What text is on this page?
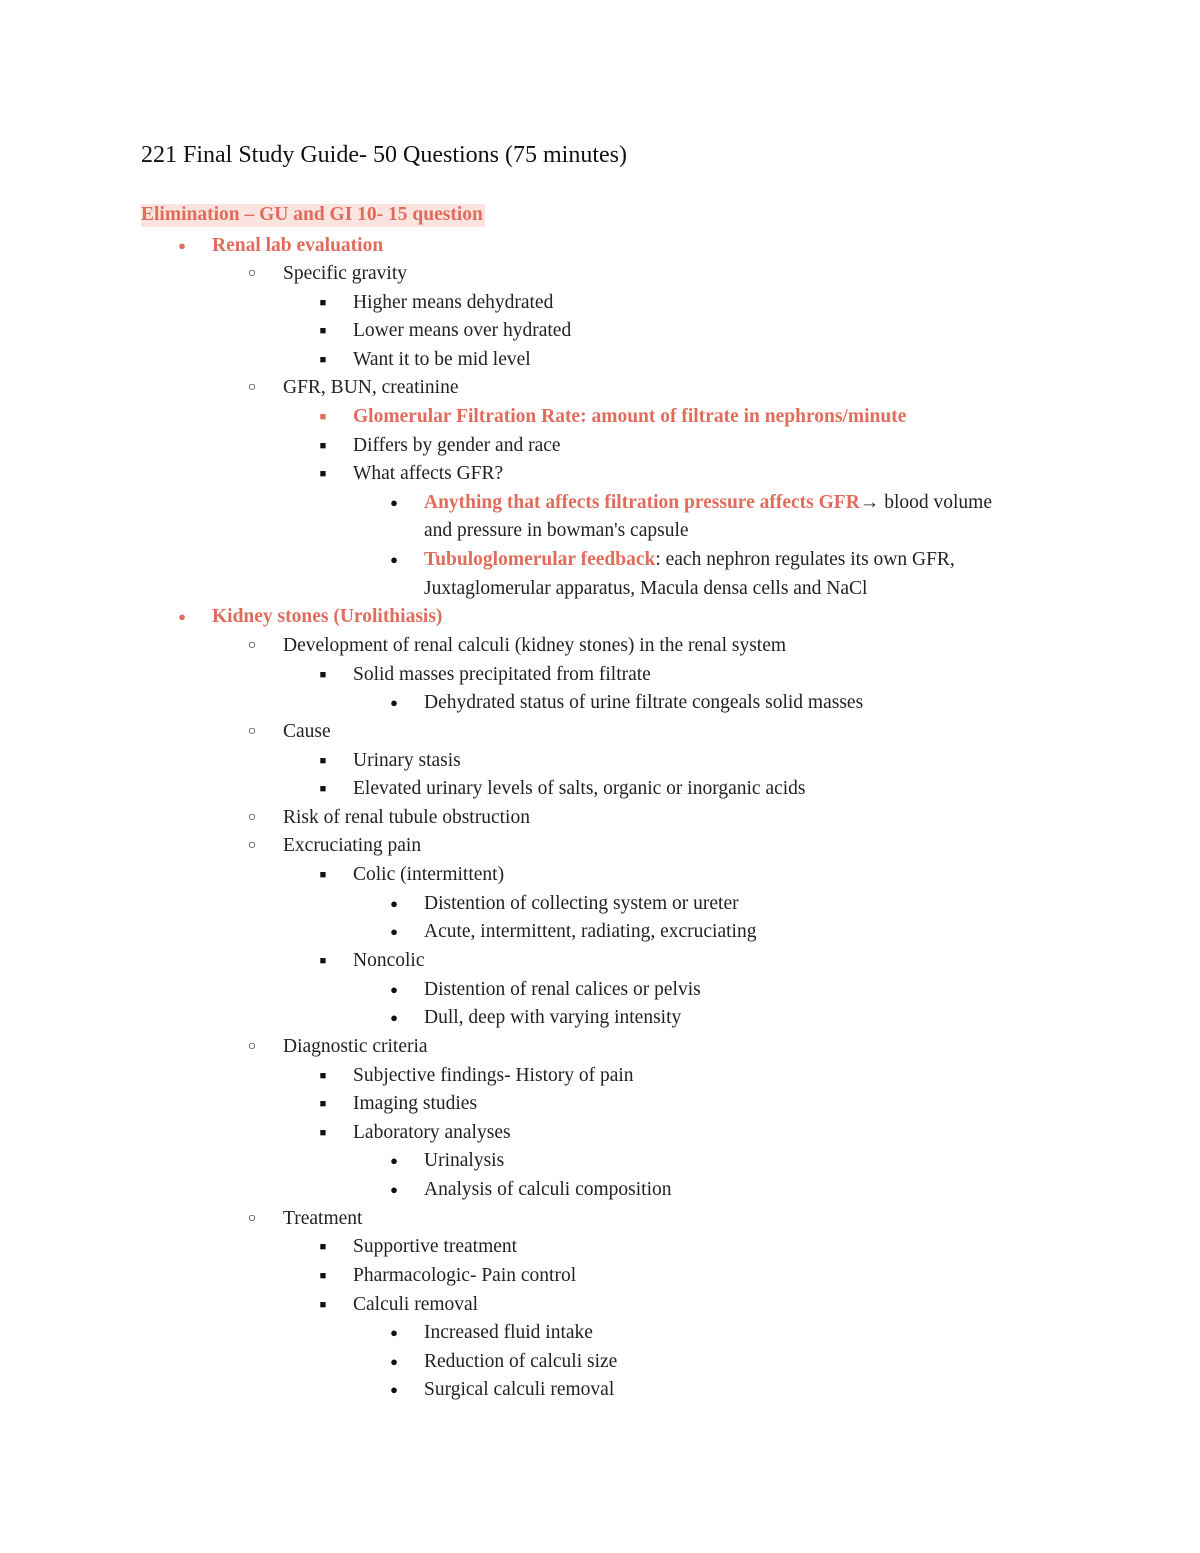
221 Final Study Guide- 50 Questions (75 minutes)
Elimination – GU and GI 10- 15 question
●	Renal lab evaluation
○ Specific gravity
■	Higher means dehydrated
■	Lower means over hydrated
■	Want it to be mid level
○ GFR, BUN, creatinine
■	Glomerular Filtration Rate: amount of filtrate in nephrons/minute
■	Differs by gender and race
■	What affects GFR?
●	Anything that affects filtration pressure affects GFR→ blood volume
and pressure in bowman's capsule
●	Tubuloglomerular feedback: each nephron regulates its own GFR,
Juxtaglomerular apparatus, Macula densa cells and NaCl
●	Kidney stones (Urolithiasis)
○ Development of renal calculi (kidney stones) in the renal system
■	Solid masses precipitated from filtrate
●	Dehydrated status of urine filtrate congeals solid masses
○ Cause
■	Urinary stasis
■	Elevated urinary levels of salts, organic or inorganic acids
○ Risk of renal tubule obstruction
○ Excruciating pain
■	Colic (intermittent)
●	Distention of collecting system or ureter
●	Acute, intermittent, radiating, excruciating
■	Noncolic
●	Distention of renal calices or pelvis
●	Dull, deep with varying intensity
○ Diagnostic criteria
■	Subjective findings- History of pain
■	Imaging studies
■	Laboratory analyses
●	Urinalysis
●	Analysis of calculi composition
○ Treatment
■	Supportive treatment
■	Pharmacologic- Pain control
■	Calculi removal
●	Increased fluid intake
●	Reduction of calculi size
●	Surgical calculi removal
